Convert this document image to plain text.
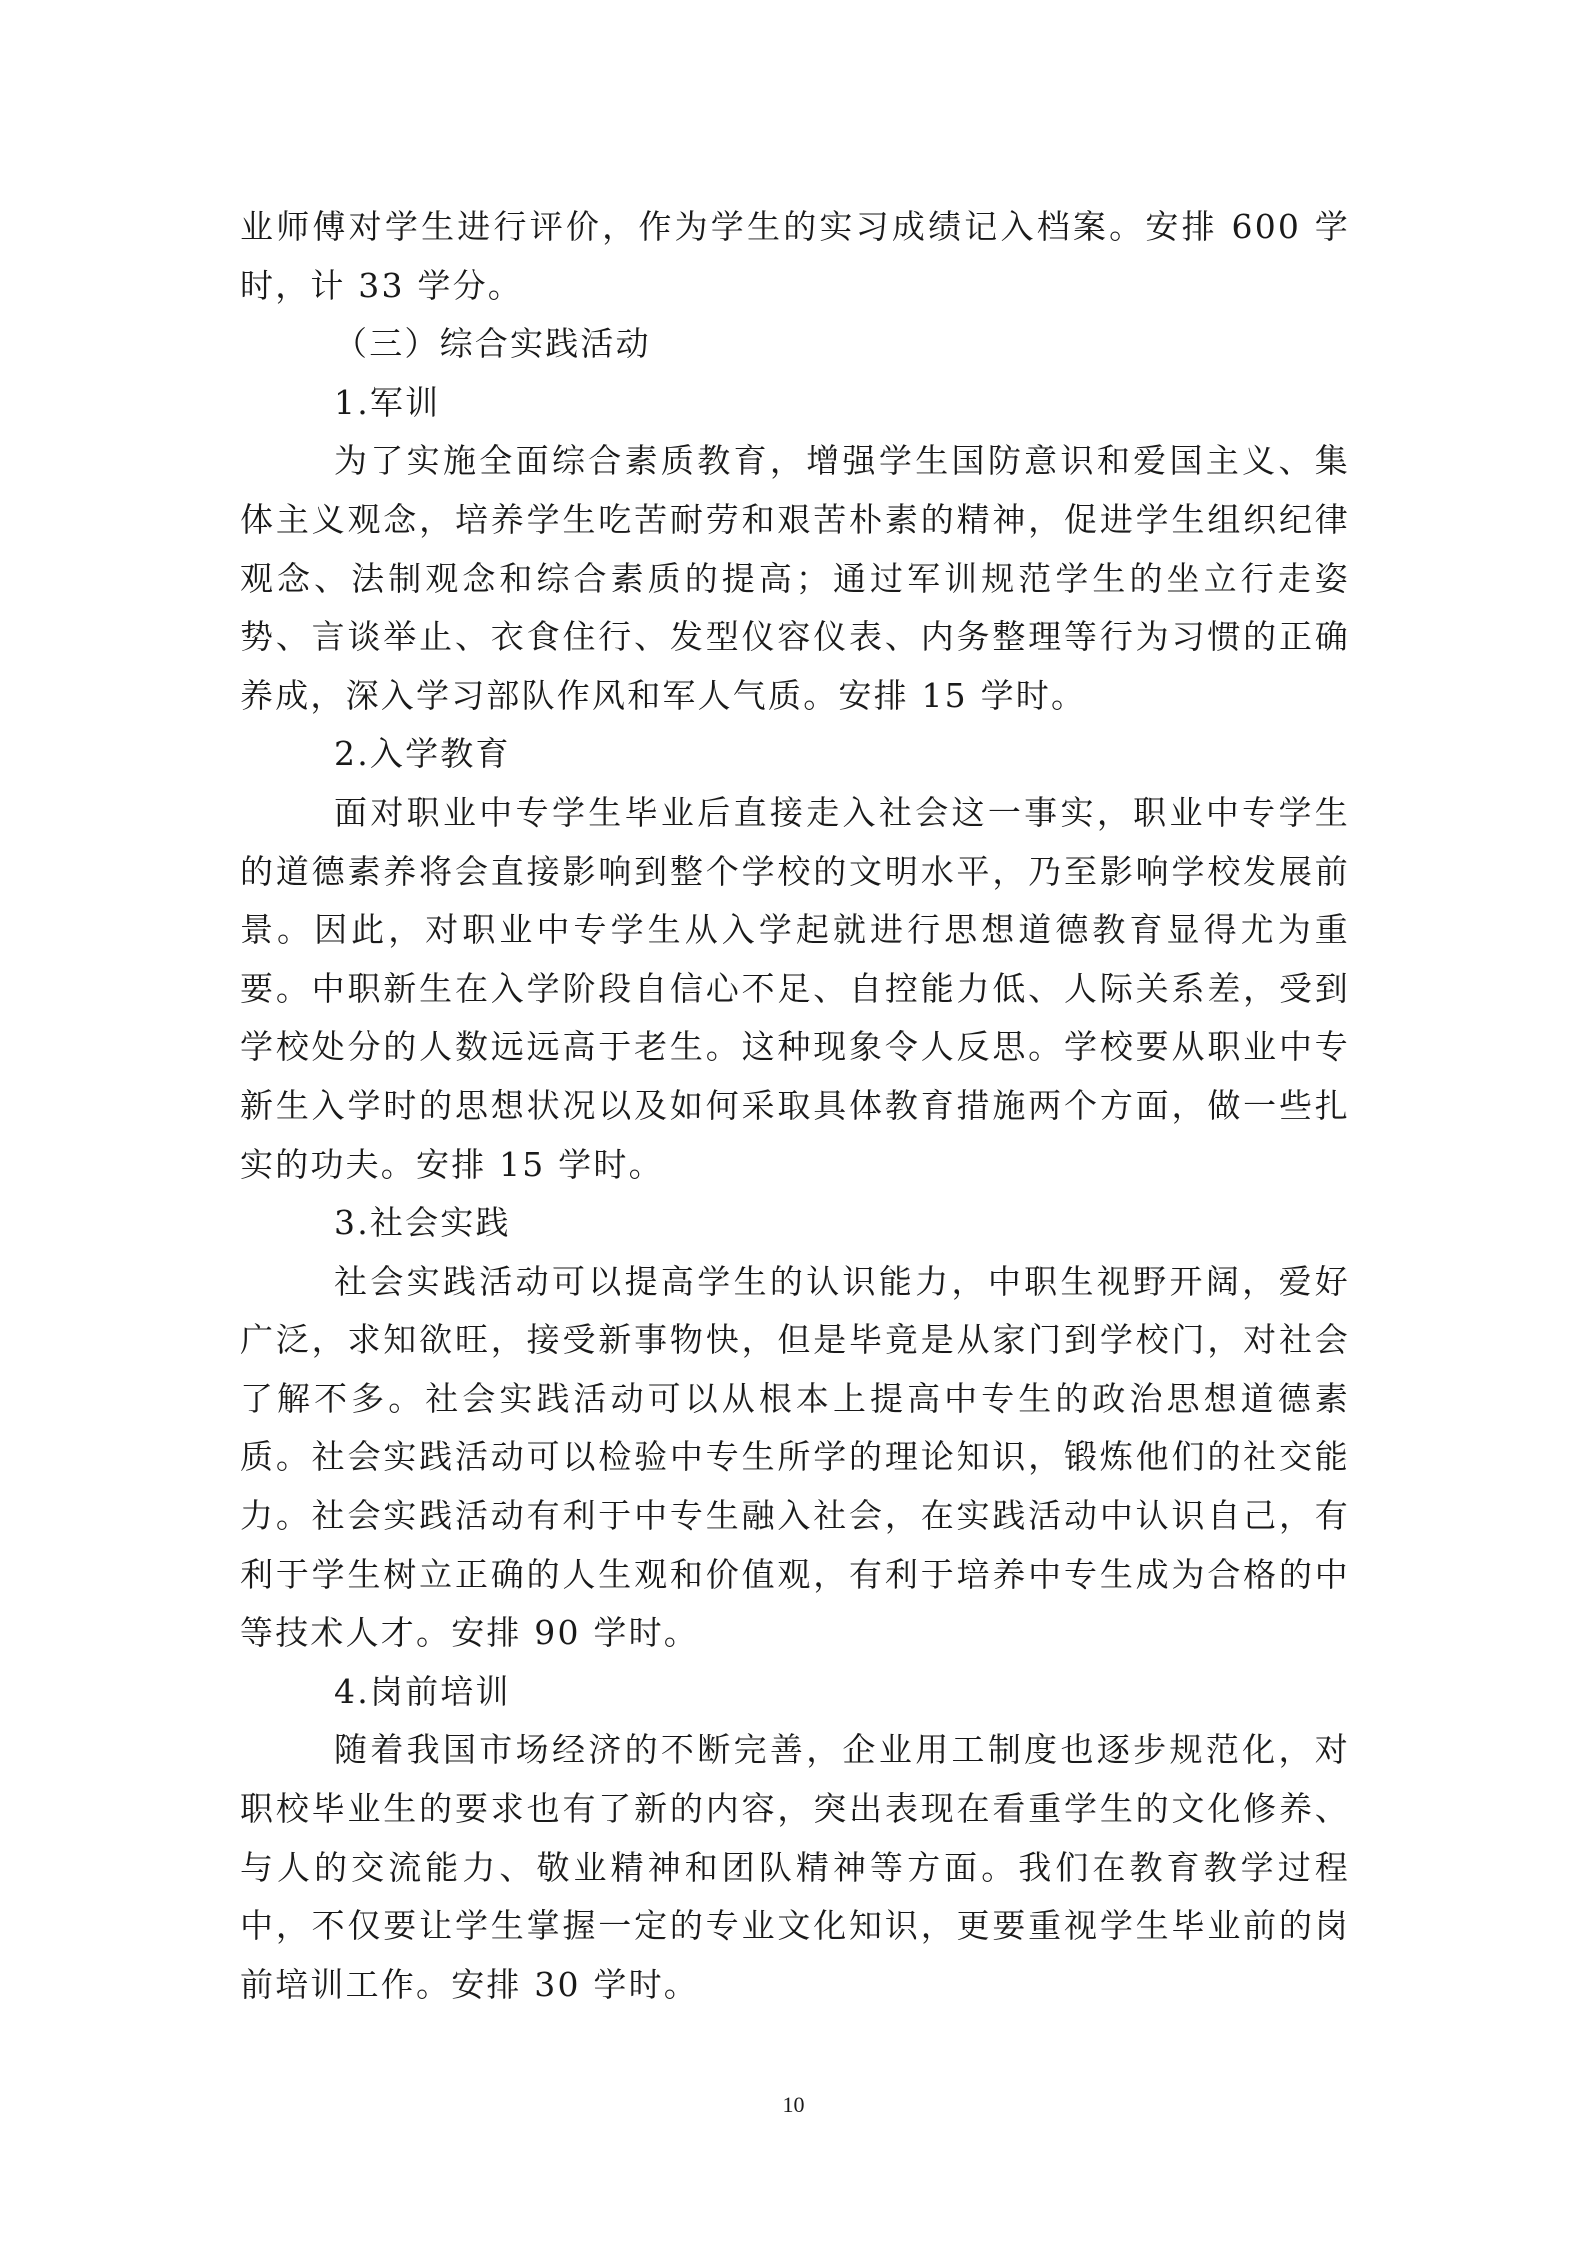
业师傅对学生进行评价，作为学生的实习成绩记入档案。安排 600 学时，计 33 学分。

（三）综合实践活动

1.军训

为了实施全面综合素质教育，增强学生国防意识和爱国主义、集体主义观念，培养学生吃苦耐劳和艰苦朴素的精神，促进学生组织纪律观念、法制观念和综合素质的提高；通过军训规范学生的坐立行走姿势、言谈举止、衣食住行、发型仪容仪表、内务整理等行为习惯的正确养成，深入学习部队作风和军人气质。安排 15 学时。

2.入学教育

面对职业中专学生毕业后直接走入社会这一事实，职业中专学生的道德素养将会直接影响到整个学校的文明水平，乃至影响学校发展前景。因此，对职业中专学生从入学起就进行思想道德教育显得尤为重要。中职新生在入学阶段自信心不足、自控能力低、人际关系差，受到学校处分的人数远远高于老生。这种现象令人反思。学校要从职业中专新生入学时的思想状况以及如何采取具体教育措施两个方面，做一些扎实的功夫。安排 15 学时。

3.社会实践

社会实践活动可以提高学生的认识能力，中职生视野开阔，爱好广泛，求知欲旺，接受新事物快，但是毕竟是从家门到学校门，对社会了解不多。社会实践活动可以从根本上提高中专生的政治思想道德素质。社会实践活动可以检验中专生所学的理论知识，锻炼他们的社交能力。社会实践活动有利于中专生融入社会，在实践活动中认识自己，有利于学生树立正确的人生观和价值观，有利于培养中专生成为合格的中等技术人才。安排 90 学时。

4.岗前培训

随着我国市场经济的不断完善，企业用工制度也逐步规范化，对职校毕业生的要求也有了新的内容，突出表现在看重学生的文化修养、与人的交流能力、敬业精神和团队精神等方面。我们在教育教学过程中，不仅要让学生掌握一定的专业文化知识，更要重视学生毕业前的岗前培训工作。安排 30 学时。

10
